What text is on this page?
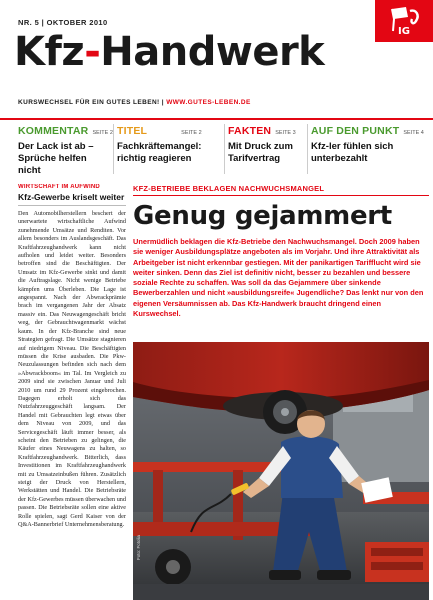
NR. 5 | OKTOBER 2010
Kfz-Handwerk
KURSWECHSEL FÜR EIN GUTES LEBEN! | WWW.GUTES-LEBEN.DE
IG
KOMMENTAR SEITE 2
Der Lack ist ab – Sprüche helfen nicht
TITEL	SEITE 2
Fachkräftemangel: richtig reagieren
FAKTEN SEITE 3
Mit Druck zum Tarifvertrag
AUF DEN PUNKT SEITE 4
Kfz-ler fühlen sich unterbezahlt
WIRTSCHAFT IM AUFWIND
Kfz-Gewerbe kriselt weiter

Den Automobilherstellern beschert der unerwartete wirtschaftliche Aufwind zunehmende Umsätze und Renditen. Vor allem besonders im Auslandsgeschäft. Das Kraftfahrzeughandwerk kann nicht aufholen und leidet weiter. Besonders betroffen sind die Beschäftigten. Der Umsatz im Kfz-Gewerbe sinkt und damit die Auftragslage. Nicht wenige Betriebe kämpfen ums Überleben. Die Lage ist angespannt. Nach der Abwrackprämie brach im vergangenen Jahr der Absatz massiv ein. Das Neuwagengeschäft bricht weg, der Gebrauchtwagenmarkt wächst kaum. In der Kfz-Branche sind neue Strategien gefragt. Die Umsätze stagnieren auf niedrigem Niveau. Die Beschäftigten müssen die Krise ausbaden. Die Pkw-Neuzulassungen befinden sich nach dem »Abwrackboom« im Tal. Im Vergleich zu 2009 sind sie zwischen Januar und Juli 2010 um rund 29 Prozent eingebrochen. Dagegen erholt sich das Nutzfahrzeuggeschäft langsam. Der Handel mit Gebrauchten legt etwas über dem Niveau von 2009, und das Servicegeschäft läuft immer besser, als scheint den Betrieben zu gelingen, die Käufer eines Neuwagens zu halten, so Kraftfahrzeughandwerk. Bitterlich, dass Investitionen im Kraftfahrzeughandwerk mit zu Umsatzeinbußen führen. Zusätzlich steigt der Druck von Herstellern, Werkstätten und Handel. Die Betriebsräte der Kfz-Gewerbes müssen überwachen und passen. Die Betriebsräte sollen eine aktive Rolle spielen, sagt Gerd Kaiser von der Q&A-Bannerbrief Unternehmensberatung.

KFZ-BETRIEBE BEKLAGEN NACHWUCHSMANGEL
Genug gejammert
Unermüdlich beklagen die Kfz-Betriebe den Nachwuchsmangel. Doch 2009 haben sie weniger Ausbildungsplätze angeboten als im Vorjahr. Und ihre Attraktivität als Arbeitgeber ist nicht erkennbar gestiegen. Mit der panikartigen Tarifflucht wird sie weiter sinken. Denn das Ziel ist definitiv nicht, besser zu bezahlen und bessere soziale Rechte zu schaffen. Was soll da das Gejammere über sinkende Bewerberzahlen und nicht »ausbildungsreife« Jugendliche? Das lenkt nur von den eigenen Versäumnissen ab. Das Kfz-Handwerk braucht dringend einen Kurswechsel.
Foto: Fotolia
